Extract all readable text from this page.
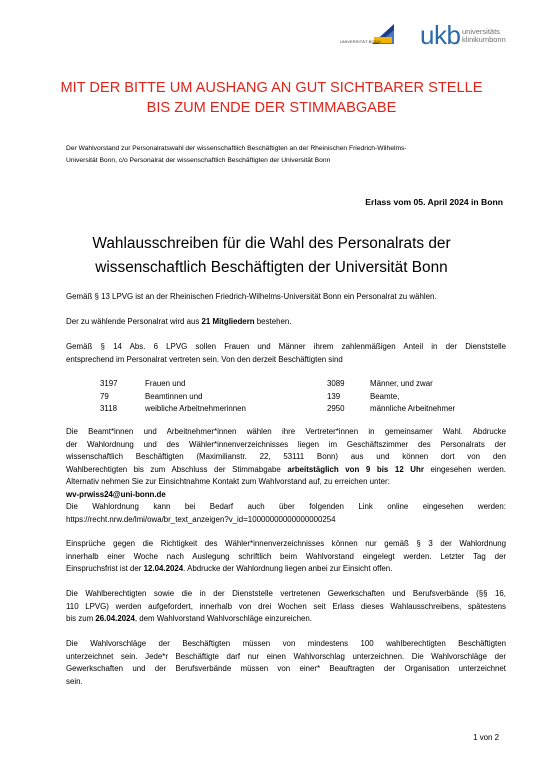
UNIVERSITÄT BONN ukb universitäts
klinikumbonn
MIT DER BITTE UM AUSHANG AN GUT SICHTBARER STELLE
BIS ZUM ENDE DER STIMMABGABE
Der Wahlvorstand zur Personalratswahl der wissenschaftlich Beschäftigten an der Rheinischen Friedrich-Wilhelms-
Universität Bonn, c/o Personalrat der wissenschaftlich Beschäftigten der Universität Bonn
Erlass vom 05. April 2024 in Bonn
Wahlausschreiben für die Wahl des Personalrats der
wissenschaftlich Beschäftigten der Universität Bonn
Gemäß § 13 LPVG ist an der Rheinischen Friedrich-Wilhelms-Universität Bonn ein Personalrat zu wählen.
Der zu wählende Personalrat wird aus 21 Mitgliedern bestehen.
Gemäß § 14 Abs. 6 LPVG sollen Frauen und Männer ihrem zahlenmäßigen Anteil in der Dienststelle
entsprechend im Personalrat vertreten sein. Von den derzeit Beschäftigten sind
3197	Frauen und	3089	Männer, und zwar
79	Beamtinnen und	139	Beamte,
3118	weibliche Arbeitnehmerinnen	2950	männliche Arbeitnehmer
Die Beamt*innen und Arbeitnehmer*innen wählen ihre Vertreter*innen in gemeinsamer Wahl. Abdrucke
der Wahlordnung und des Wähler*innenverzeichnisses liegen im Geschäftszimmer des Personalrats der
wissenschaftlich Beschäftigten (Maximilianstr. 22, 53111 Bonn) aus und können dort von den
Wahlberechtigten bis zum Abschluss der Stimmabgabe arbeitstäglich von 9 bis 12 Uhr eingesehen werden.
Alternativ nehmen Sie zur Einsichtnahme Kontakt zum Wahlvorstand auf, zu erreichen unter:
wv-prwiss24@uni-bonn.de
Die Wahlordnung kann bei Bedarf auch über folgenden Link online eingesehen werden:
https://recht.nrw.de/lmi/owa/br_text_anzeigen?v_id=10000000000000000254
Einsprüche gegen die Richtigkeit des Wähler*innenverzeichnisses können nur gemäß § 3 der Wahlordnung
innerhalb einer Woche nach Auslegung schriftlich beim Wahlvorstand eingelegt werden. Letzter Tag der
Einspruchsfrist ist der 12.04.2024. Abdrucke der Wahlordnung liegen anbei zur Einsicht offen.
Die Wahlberechtigten sowie die in der Dienststelle vertretenen Gewerkschaften und Berufsverbände (§§ 16,
110 LPVG) werden aufgefordert, innerhalb von drei Wochen seit Erlass dieses Wahlausschreibens, spätestens
bis zum 26.04.2024, dem Wahlvorstand Wahlvorschläge einzureichen.
Die Wahlvorschläge der Beschäftigten müssen von mindestens 100 wahlberechtigten Beschäftigten
unterzeichnet sein. Jede*r Beschäftigte darf nur einen Wahlvorschlag unterzeichnen. Die Wahlvorschläge der
Gewerkschaften und der Berufsverbände müssen von einer* Beauftragten der Organisation unterzeichnet
sein.
1 von 2
